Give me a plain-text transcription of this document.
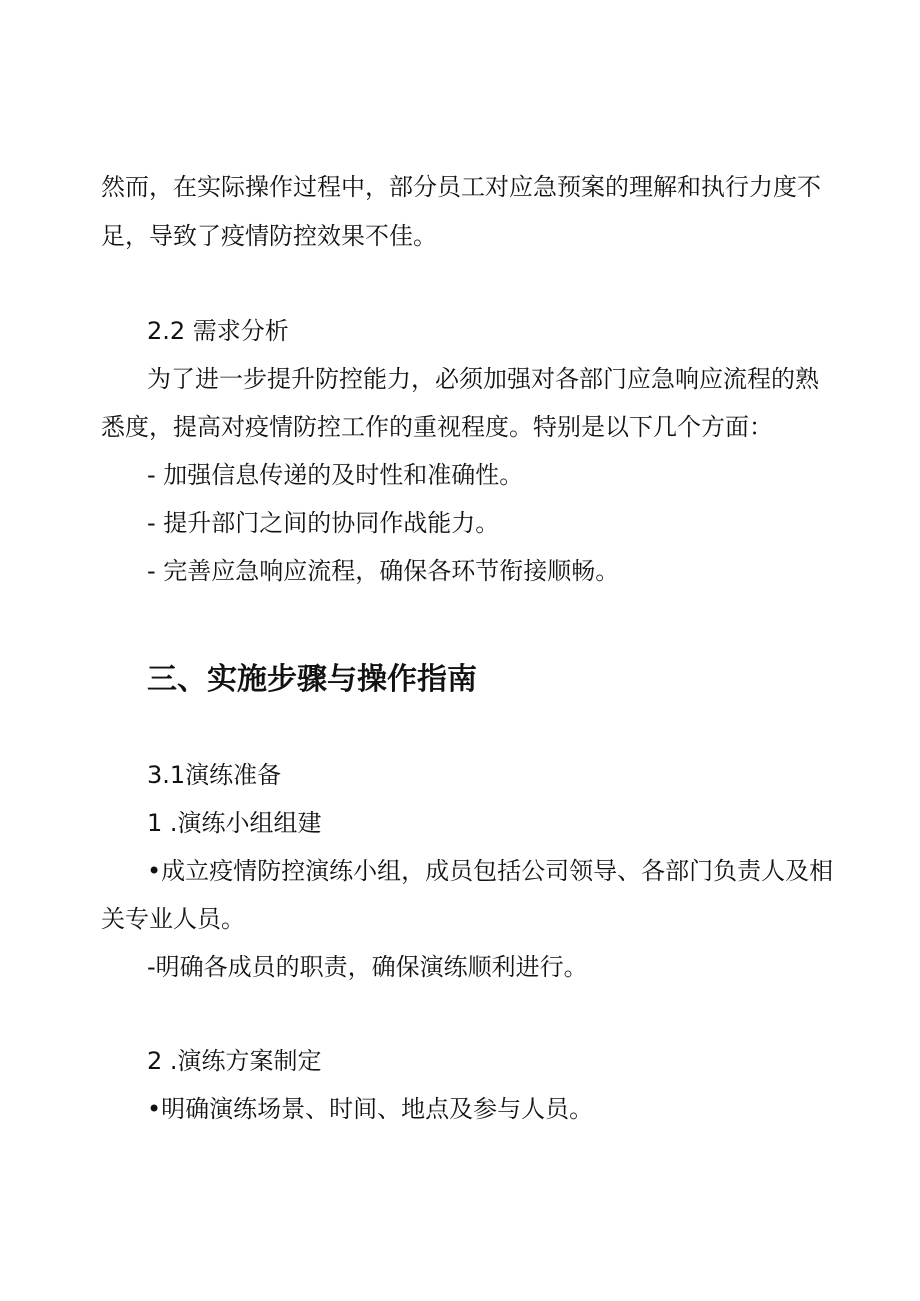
然 而 ， 在 实 际 操 作 过 程 中 ， 部 分 员 工 对 应 急 预 案 的 理 解 和 执 行 力 度 不

足，导致了疫情防控效果不佳。

2.2 需求分析

为 了 进 一 步 提 升 防 控 能 力 ， 必 须 加 强 对 各 部 门 应 急 响 应 流 程 的 熟

悉度，提高对疫情防控工作的重视程度。特别是以下几个方面：

- 加强信息传递的及时性和准确性。

- 提升部门之间的协同作战能力。

- 完善应急响应流程，确保各环节衔接顺畅。

三、实施步骤与操作指南
3.1演练准备
1 .演练小组组建

• 成 立 疫 情 防 控 演 练 小 组 ， 成 员 包 括 公 司 领 导 、 各 部 门 负 责 人 及 相

关专业人员。

-明确各成员的职责，确保演练顺利进行。

2 .演练方案制定

•明确演练场景、时间、地点及参与人员。
